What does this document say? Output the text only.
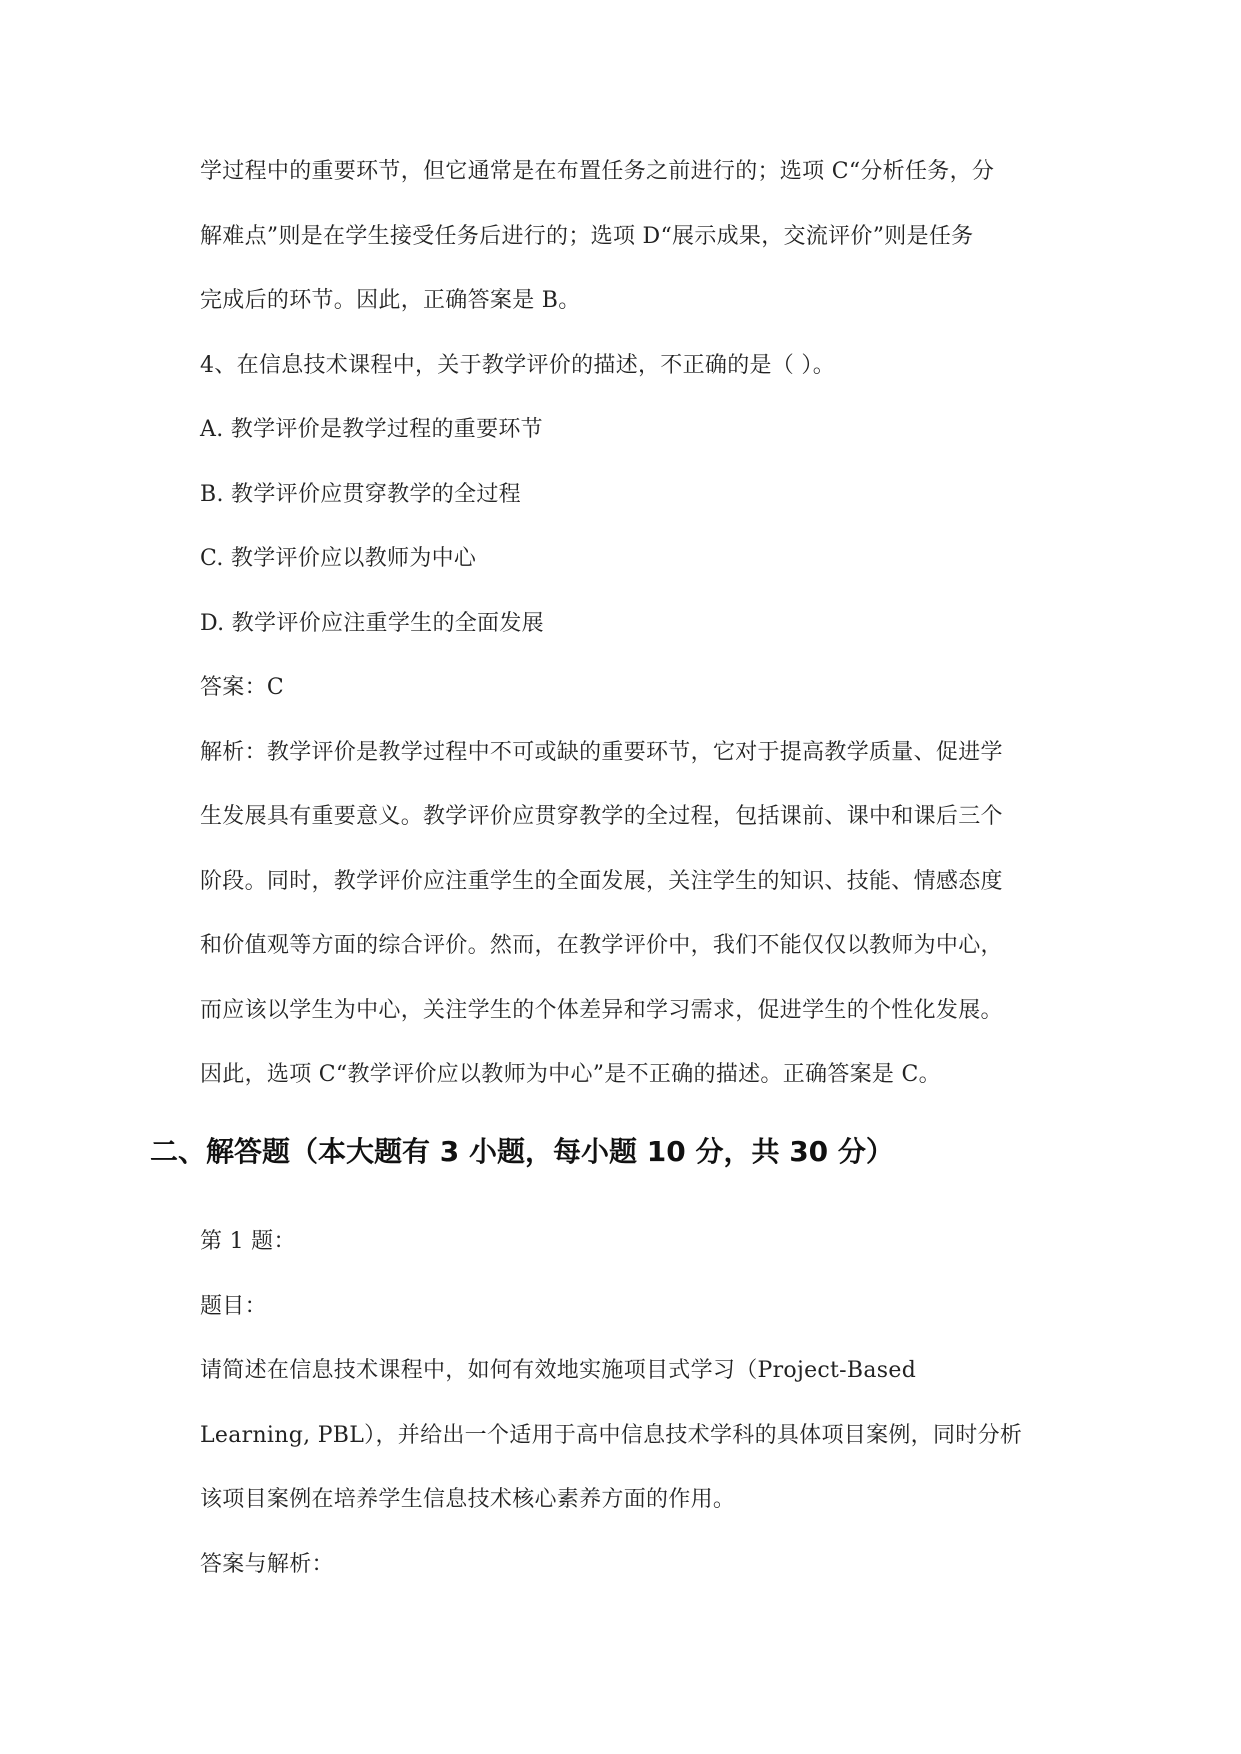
学过程中的重要环节，但它通常是在布置任务之前进行的；选项 C“分析任务，分
解难点”则是在学生接受任务后进行的；选项 D“展示成果，交流评价”则是任务
完成后的环节。因此，正确答案是 B。
4、在信息技术课程中，关于教学评价的描述，不正确的是（ ）。
A. 教学评价是教学过程的重要环节
B. 教学评价应贯穿教学的全过程
C. 教学评价应以教师为中心
D. 教学评价应注重学生的全面发展
答案：C
解析：教学评价是教学过程中不可或缺的重要环节，它对于提高教学质量、促进学
生发展具有重要意义。教学评价应贯穿教学的全过程，包括课前、课中和课后三个
阶段。同时，教学评价应注重学生的全面发展，关注学生的知识、技能、情感态度
和价值观等方面的综合评价。然而，在教学评价中，我们不能仅仅以教师为中心，
而应该以学生为中心，关注学生的个体差异和学习需求，促进学生的个性化发展。
因此，选项 C“教学评价应以教师为中心”是不正确的描述。正确答案是 C。
二、解答题（本大题有 3 小题，每小题 10 分，共 30 分）
第 1 题：
题目：
请简述在信息技术课程中，如何有效地实施项目式学习（Project-Based
Learning, PBL），并给出一个适用于高中信息技术学科的具体项目案例，同时分析
该项目案例在培养学生信息技术核心素养方面的作用。
答案与解析：
